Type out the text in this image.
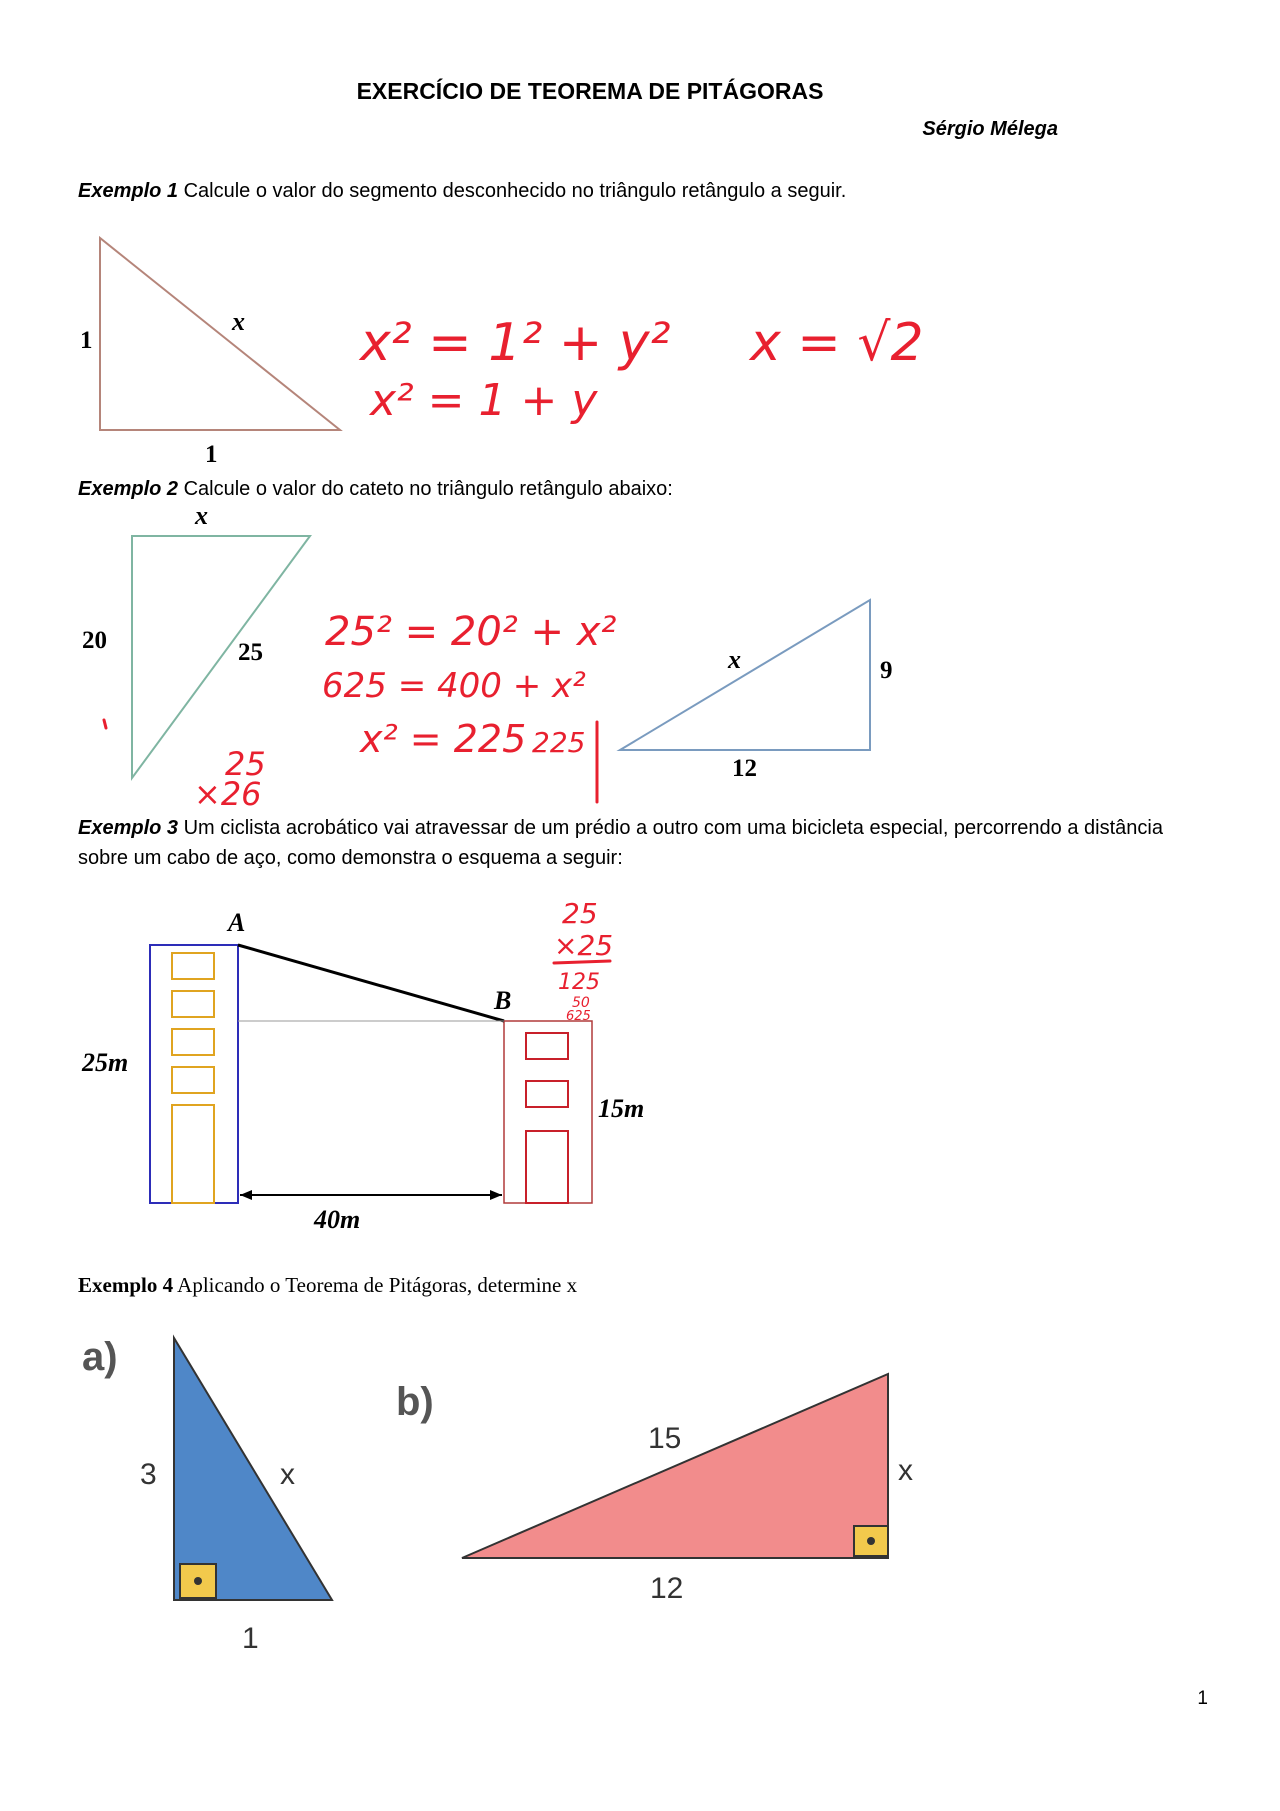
EXERCÍCIO DE TEOREMA DE PITÁGORAS
Sérgio Mélega
Exemplo 1 Calcule o valor do segmento desconhecido no triângulo retângulo a seguir.
1
1
x x² = 1² + y²
x² = 1 + y
x = √2
Exemplo 2 Calcule o valor do cateto no triângulo retângulo abaixo:
x
20	25 25² = 20² + x²
625 = 400 + x²
x² = 225 225
25
×26
x	9
12
Exemplo 3 Um ciclista acrobático vai atravessar de um prédio a outro com uma bicicleta especial, percorrendo a distância sobre um cabo de aço, como demonstra o esquema a seguir:
A
B
25m
15m
40m
25
×25
125
50
625
Exemplo 4 Aplicando o Teorema de Pitágoras, determine x
a)
3	x
1
b)
15
x
12
1
